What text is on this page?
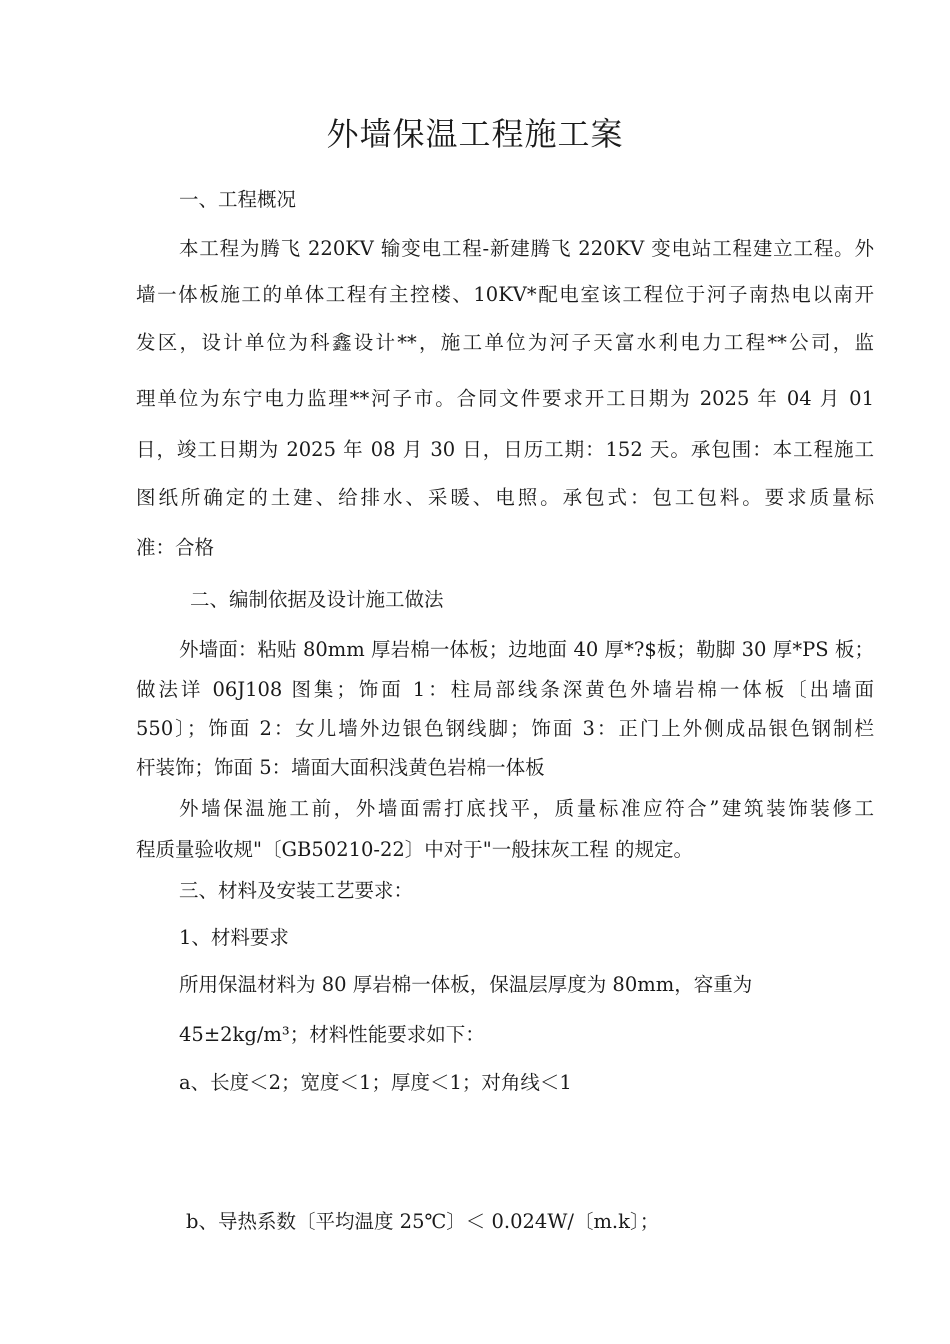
外墙保温工程施工案

一、工程概况

本工程为腾飞 220KV 输变电工程-新建腾飞 220KV 变电站工程建立工程。外

墙一体板施工的单体工程有主控楼、10KV*配电室该工程位于河子南热电以南开

发区，设计单位为科鑫设计**，施工单位为河子天富水利电力工程**公司，监

理单位为东宁电力监理**河子市。合同文件要求开工日期为 2025 年 04 月 01

日，竣工日期为 2025 年 08 月 30 日，日历工期：152 天。承包围：本工程施工

图纸所确定的土建、给排水、采暖、电照。承包式：包工包料。要求质量标

准：合格

二、编制依据及设计施工做法

外墙面：粘贴 80mm 厚岩棉一体板；边地面 40 厚*?$板；勒脚 30 厚*PS 板；

做法详 06J108 图集；饰面 1：柱局部线条深黄色外墙岩棉一体板〔出墙面

550〕；饰面 2：女儿墙外边银色钢线脚；饰面 3：正门上外侧成品银色钢制栏

杆装饰；饰面 5：墙面大面积浅黄色岩棉一体板

外墙保温施工前，外墙面需打底找平，质量标准应符合”建筑装饰装修工

程质量验收规"〔GB50210-22〕中对于"一般抹灰工程 的规定。

三、材料及安装工艺要求：

1、材料要求

所用保温材料为 80 厚岩棉一体板，保温层厚度为 80mm，容重为

45±2kg/m³；材料性能要求如下：

a、长度＜2；宽度＜1；厚度＜1；对角线＜1

b、导热系数〔平均温度 25℃〕＜ 0.024W/〔m.k〕；
